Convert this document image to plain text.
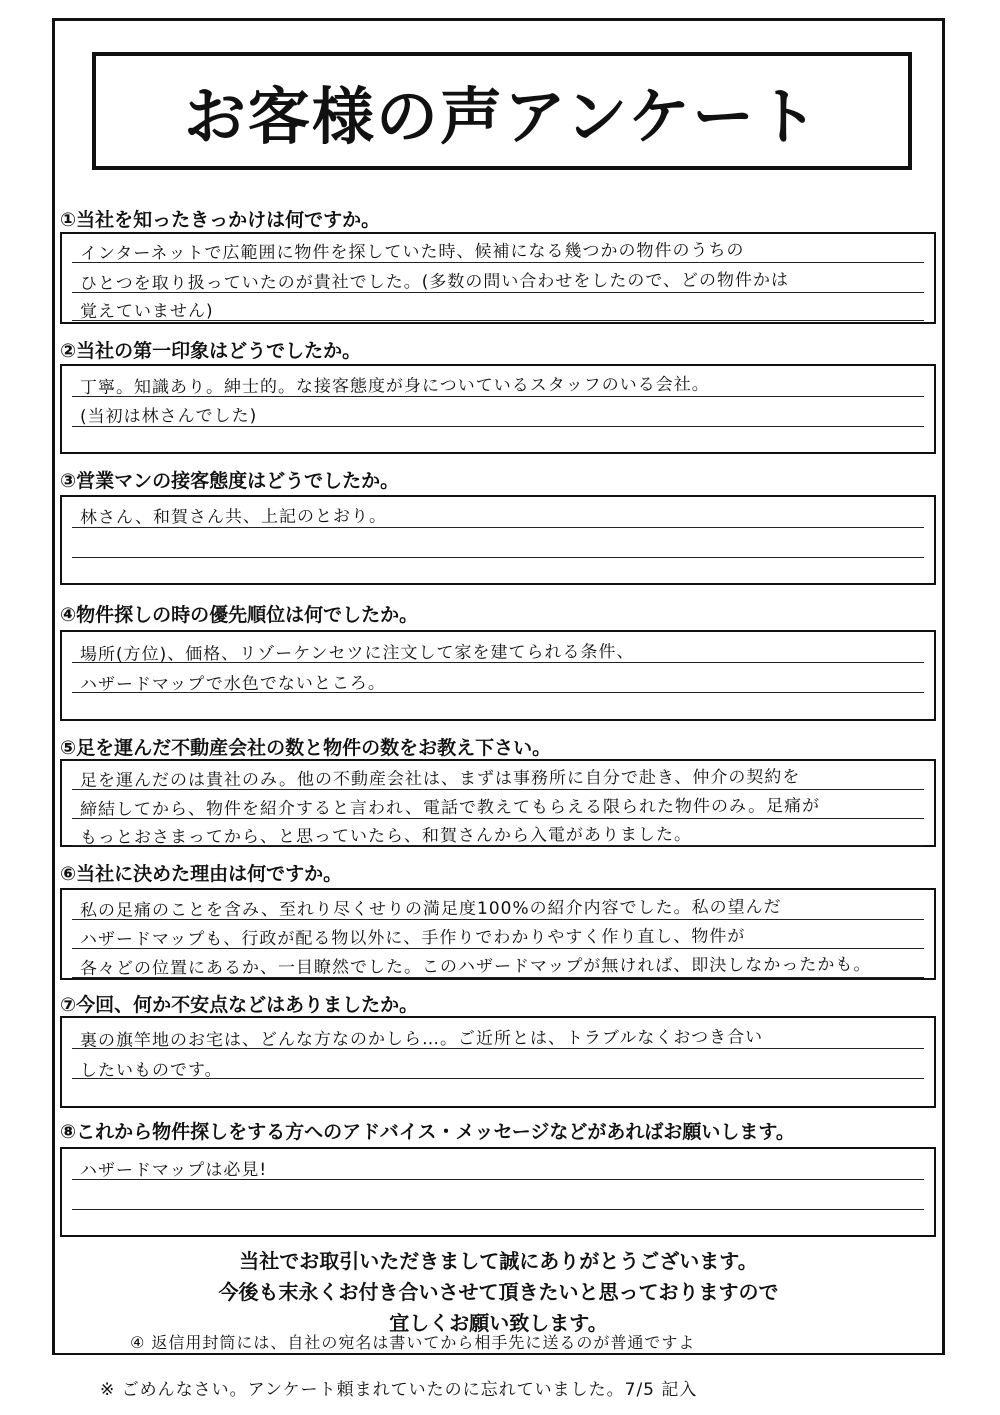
お客様の声アンケート
①当社を知ったきっかけは何ですか。
インターネットで広範囲に物件を探していた時、候補になる幾つかの物件のうちの
ひとつを取り扱っていたのが貴社でした。(多数の問い合わせをしたので、どの物件かは
覚えていません)
②当社の第一印象はどうでしたか。
丁寧。知識あり。紳士的。な接客態度が身についているスタッフのいる会社。
(当初は林さんでした)
③営業マンの接客態度はどうでしたか。
林さん、和賀さん共、上記のとおり。
④物件探しの時の優先順位は何でしたか。
場所(方位)、価格、リゾーケンセツに注文して家を建てられる条件、
ハザードマップで水色でないところ。
⑤足を運んだ不動産会社の数と物件の数をお教え下さい。
足を運んだのは貴社のみ。他の不動産会社は、まずは事務所に自分で赴き、仲介の契約を
締結してから、物件を紹介すると言われ、電話で教えてもらえる限られた物件のみ。足痛が
もっとおさまってから、と思っていたら、和賀さんから入電がありました。
⑥当社に決めた理由は何ですか。
私の足痛のことを含み、至れり尽くせりの満足度100%の紹介内容でした。私の望んだ
ハザードマップも、行政が配る物以外に、手作りでわかりやすく作り直し、物件が
各々どの位置にあるか、一目瞭然でした。このハザードマップが無ければ、即決しなかったかも。
⑦今回、何か不安点などはありましたか。
裏の旗竿地のお宅は、どんな方なのかしら…。ご近所とは、トラブルなくおつき合い
したいものです。
⑧これから物件探しをする方へのアドバイス・メッセージなどがあればお願いします。
ハザードマップは必見!
当社でお取引いただきまして誠にありがとうございます。
今後も末永くお付き合いさせて頂きたいと思っておりますので
宜しくお願い致します。
④ 返信用封筒には、自社の宛名は書いてから相手先に送るのが普通ですよ
※ ごめんなさい。アンケート頼まれていたのに忘れていました。7/5 記入
